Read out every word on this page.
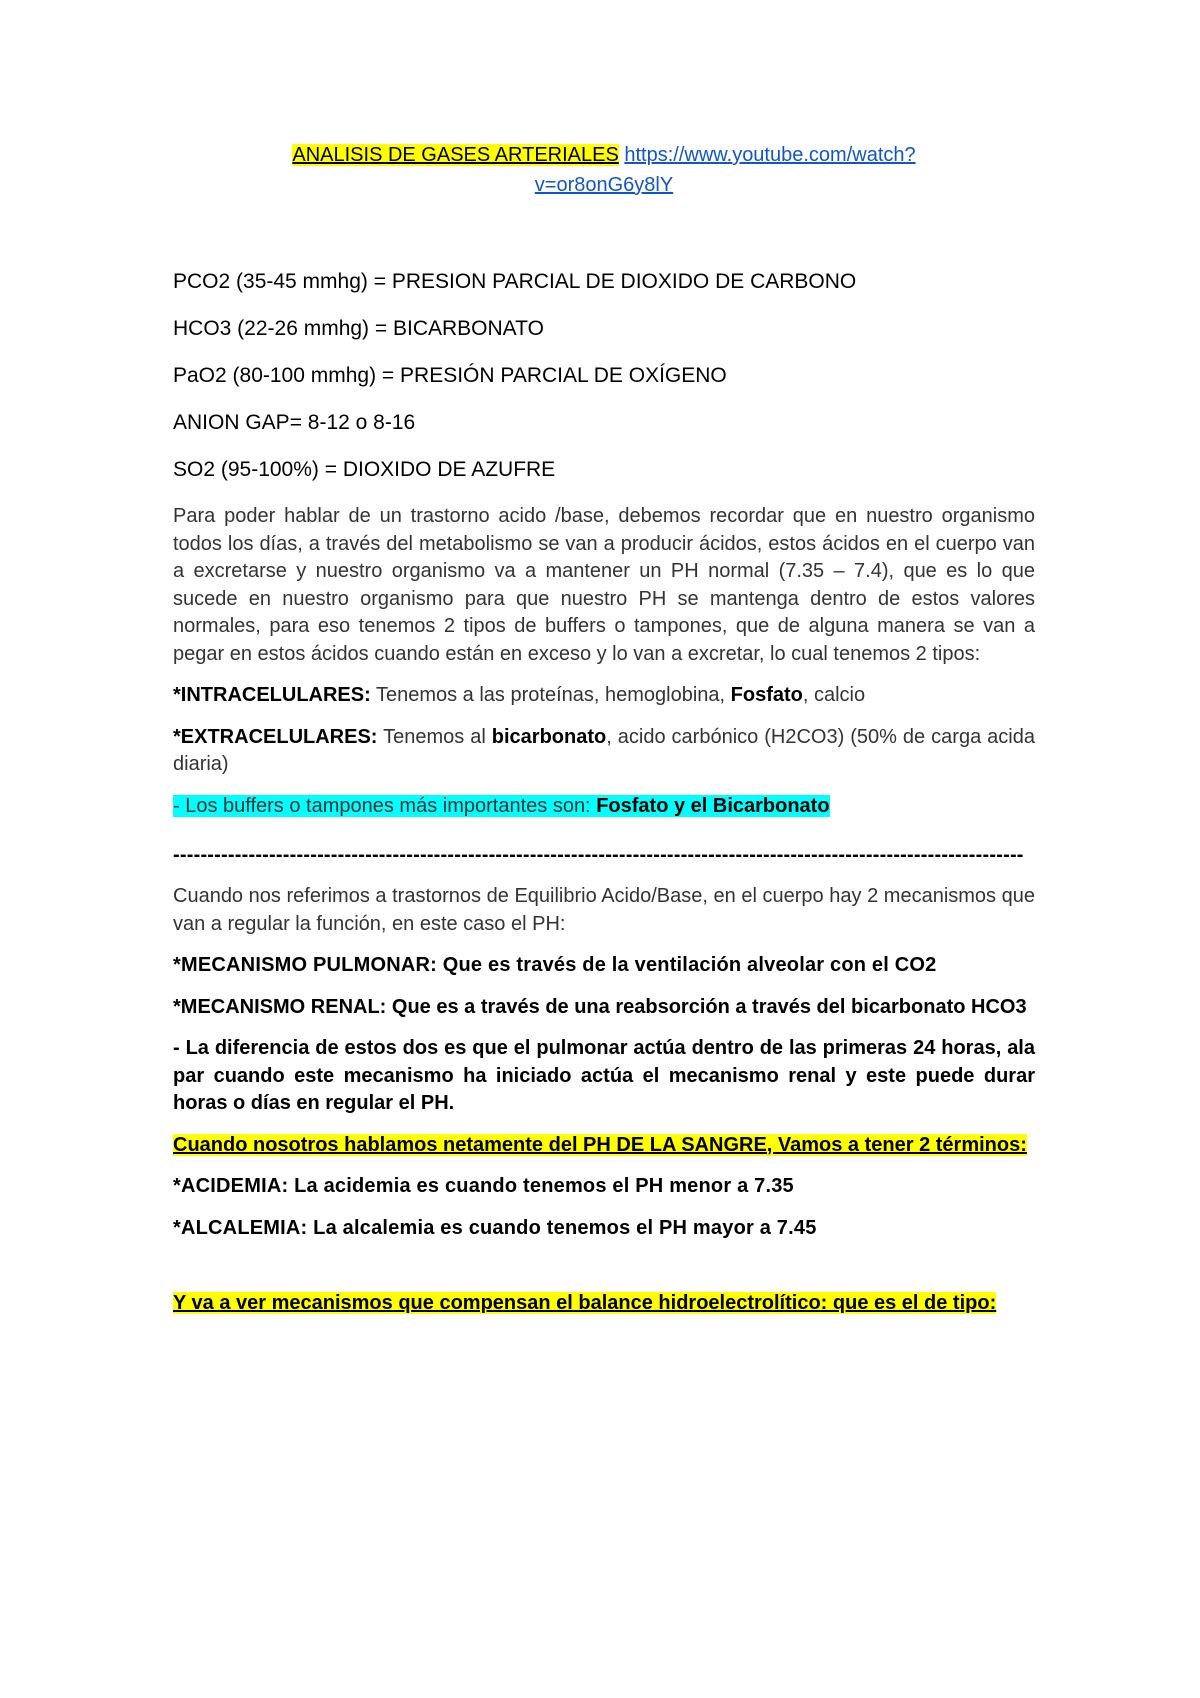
ANALISIS DE GASES ARTERIALES https://www.youtube.com/watch?
v=or8onG6y8lY
PCO2 (35-45 mmhg) = PRESION PARCIAL DE DIOXIDO DE CARBONO
HCO3 (22-26 mmhg) = BICARBONATO
PaO2 (80-100 mmhg) = PRESIÓN PARCIAL DE OXÍGENO
ANION GAP= 8-12 o 8-16
SO2 (95-100%) = DIOXIDO DE AZUFRE
Para poder hablar de un trastorno acido /base, debemos recordar que en nuestro organismo todos los días, a través del metabolismo se van a producir ácidos, estos ácidos en el cuerpo van a excretarse y nuestro organismo va a mantener un PH normal (7.35 – 7.4), que es lo que sucede en nuestro organismo para que nuestro PH se mantenga dentro de estos valores normales, para eso tenemos 2 tipos de buffers o tampones, que de alguna manera se van a pegar en estos ácidos cuando están en exceso y lo van a excretar, lo cual tenemos 2 tipos:
*INTRACELULARES: Tenemos a las proteínas, hemoglobina, Fosfato, calcio
*EXTRACELULARES: Tenemos al bicarbonato, acido carbónico (H2CO3) (50% de carga acida diaria)
- Los buffers o tampones más importantes son: Fosfato y el Bicarbonato
----------------------------------------------------------------------------------------------------------------------------
Cuando nos referimos a trastornos de Equilibrio Acido/Base, en el cuerpo hay 2 mecanismos que van a regular la función, en este caso el PH:
*MECANISMO PULMONAR: Que es través de la ventilación alveolar con el CO2
*MECANISMO RENAL: Que es a través de una reabsorción a través del bicarbonato HCO3
- La diferencia de estos dos es que el pulmonar actúa dentro de las primeras 24 horas, ala par cuando este mecanismo ha iniciado actúa el mecanismo renal y este puede durar horas o días en regular el PH.
Cuando nosotros hablamos netamente del PH DE LA SANGRE, Vamos a tener 2 términos:
*ACIDEMIA: La acidemia es cuando tenemos el PH menor a 7.35
*ALCALEMIA: La alcalemia es cuando tenemos el PH mayor a 7.45
Y va a ver mecanismos que compensan el balance hidroelectrolítico: que es el de tipo:
